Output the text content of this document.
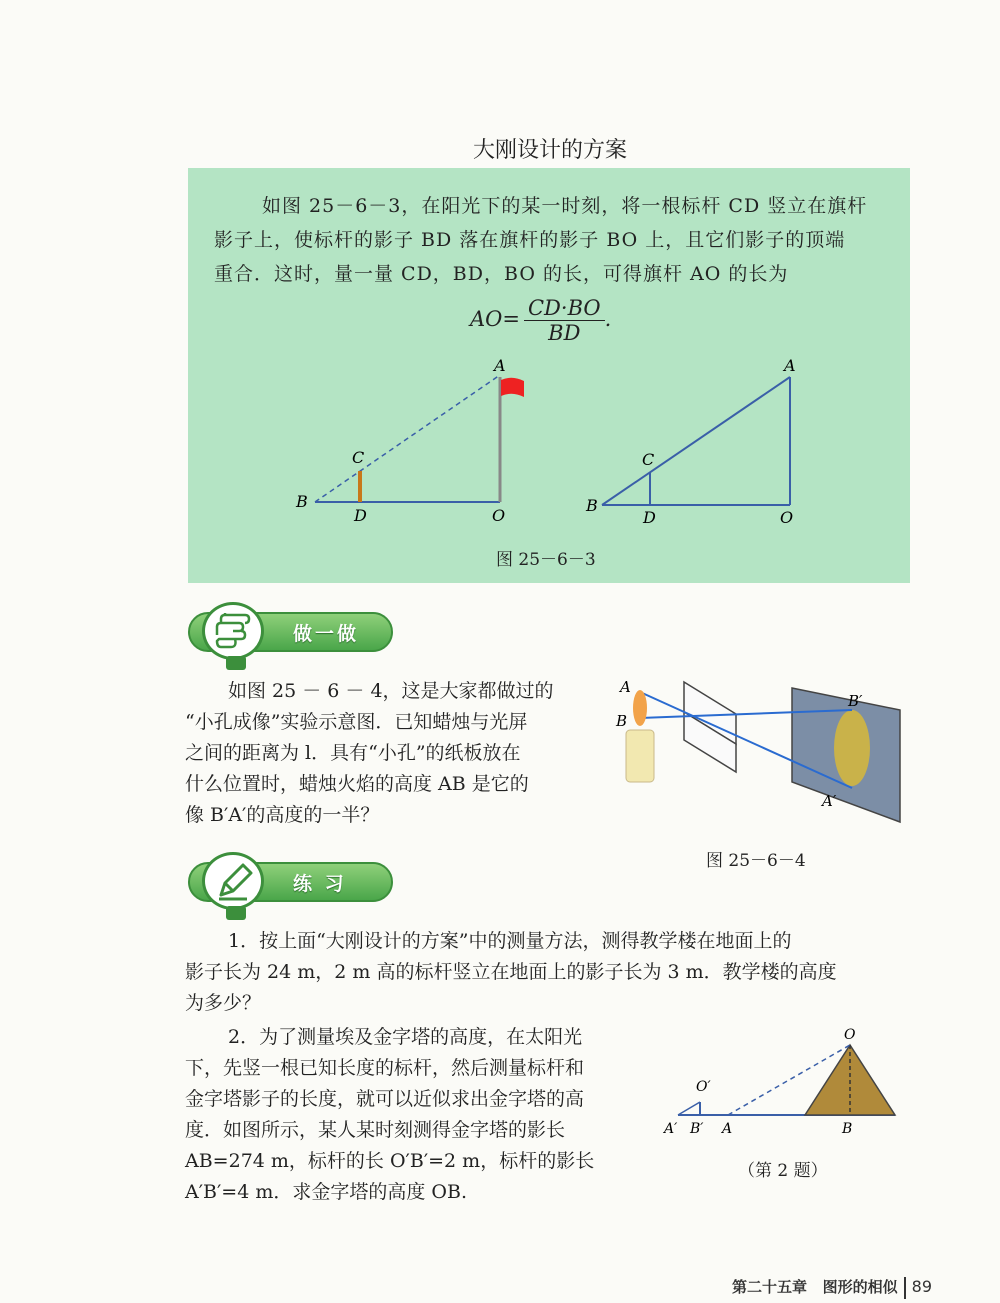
大刚设计的方案
如图 25－6－3，在阳光下的某一时刻，将一根标杆 CD 竖立在旗杆
影子上，使标杆的影子 BD 落在旗杆的影子 BO 上，且它们影子的顶端
重合．这时，量一量 CD，BD，BO 的长，可得旗杆 AO 的长为
$AO= \frac{CD\cdot BO}{BD}$ .
B
C
D
A
O
B
C
D
A
O
图 25－6－3
做一做
如图 25 － 6 － 4，这是大家都做过的
“小孔成像”实验示意图．已知蜡烛与光屏
之间的距离为 l．具有“小孔”的纸板放在
什么位置时，蜡烛火焰的高度 AB 是它的
像 B′A′的高度的一半？
A
B
B′
A′
图 25－6－4
练 习
1．按上面“大刚设计的方案”中的测量方法，测得教学楼在地面上的
影子长为 24 m，2 m 高的标杆竖立在地面上的影子长为 3 m．教学楼的高度
为多少？
2．为了测量埃及金字塔的高度，在太阳光
下，先竖一根已知长度的标杆，然后测量标杆和
金字塔影子的长度，就可以近似求出金字塔的高
度．如图所示，某人某时刻测得金字塔的影长
AB=274 m，标杆的长 O′B′=2 m，标杆的影长
A′B′=4 m．求金字塔的高度 OB.
O
O′
A′ B′ A	B
（第 2 题）
第二十五章 图形的相似 89
